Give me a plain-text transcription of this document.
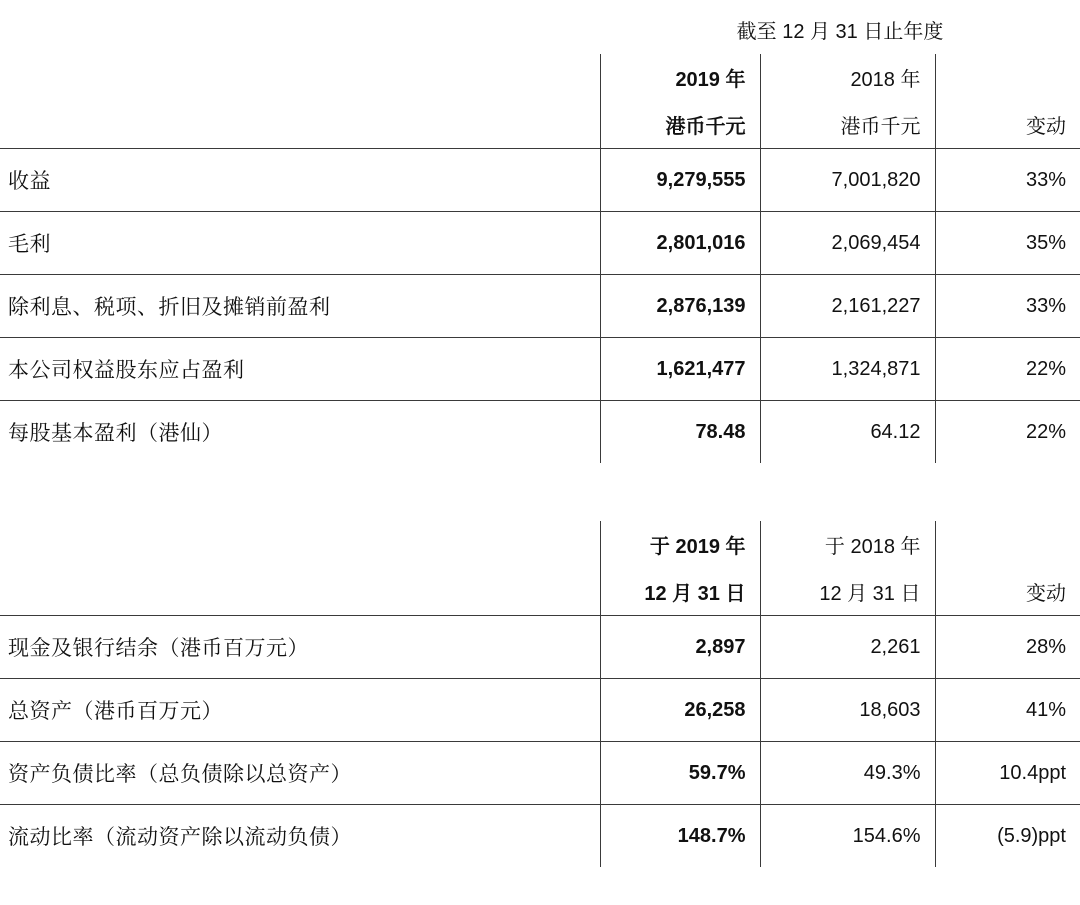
	截至 12 月 31 日止年度		
	2019 年	2018 年	
	港币千元	港币千元	变动
收益	9,279,555	7,001,820	33%
毛利	2,801,016	2,069,454	35%
除利息、税项、折旧及摊销前盈利	2,876,139	2,161,227	33%
本公司权益股东应占盈利	1,621,477	1,324,871	22%
每股基本盈利（港仙）	78.48	64.12	22%

	于 2019 年	于 2018 年	
	12 月 31 日	12 月 31 日	变动
现金及银行结余（港币百万元）	2,897	2,261	28%
总资产（港币百万元）	26,258	18,603	41%
资产负债比率（总负债除以总资产）	59.7%	49.3%	10.4ppt
流动比率（流动资产除以流动负债）	148.7%	154.6%	(5.9)ppt
